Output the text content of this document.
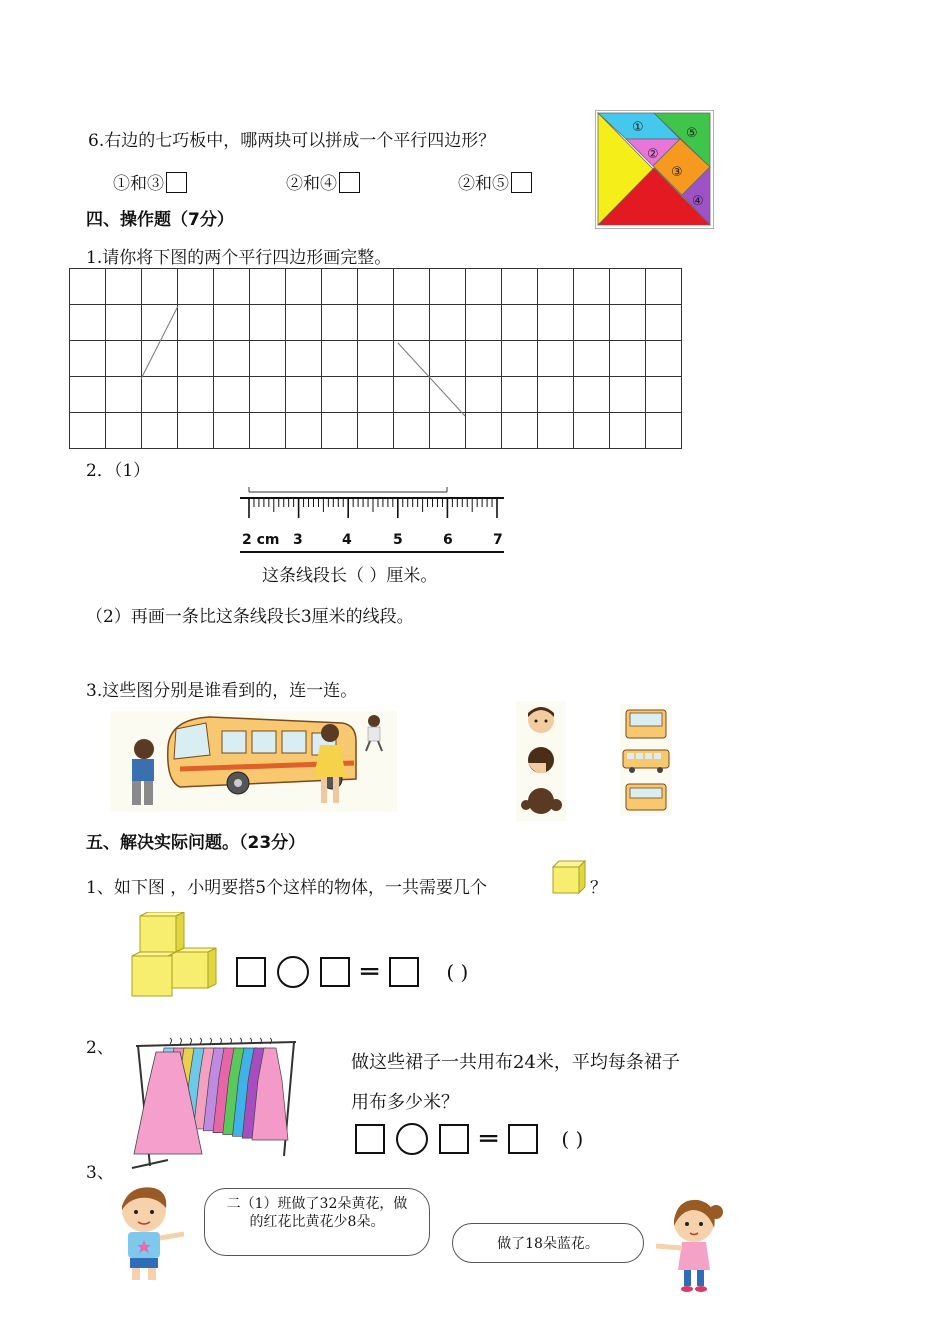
6.右边的七巧板中，哪两块可以拼成一个平行四边形？
①和③	②和④	②和⑤
①	⑤
②
③
④
四、操作题（7分）
1.请你将下图的两个平行四边形画完整。

2．（1）
2 cm 3	4	5	6	7
这条线段长（ ）厘米。
（2）再画一条比这条线段长3厘米的线段。
3.这些图分别是谁看到的，连一连。
五、解决实际问题。（23分）
1、如下图 ，小明要搭5个这样的物体，一共需要几个	？
═	( )
2、
做这些裙子一共用布24米，平均每条裙子
用布多少米？
═	( )
3、
二（1）班做了32朵黄花，做的红花比黄花少8朵。
做了18朵蓝花。
